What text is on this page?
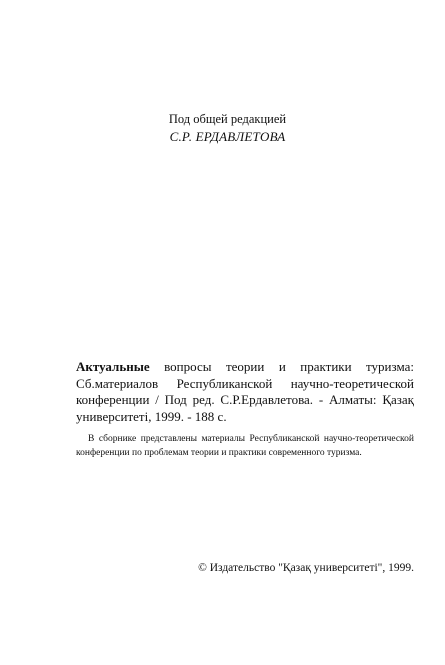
Под общей редакцией
С.Р. ЕРДАВЛЕТОВА
Актуальные вопросы теории и практики туризма: Сб.материалов Республиканской научно-теоретической конференции / Под ред. С.Р.Ердавлетова. - Алматы: Қазақ университеті, 1999. - 188 с.
В сборнике представлены материалы Республиканской научно-теоретической конференции по проблемам теории и практики современного туризма.
© Издательство "Қазақ университеті", 1999.
